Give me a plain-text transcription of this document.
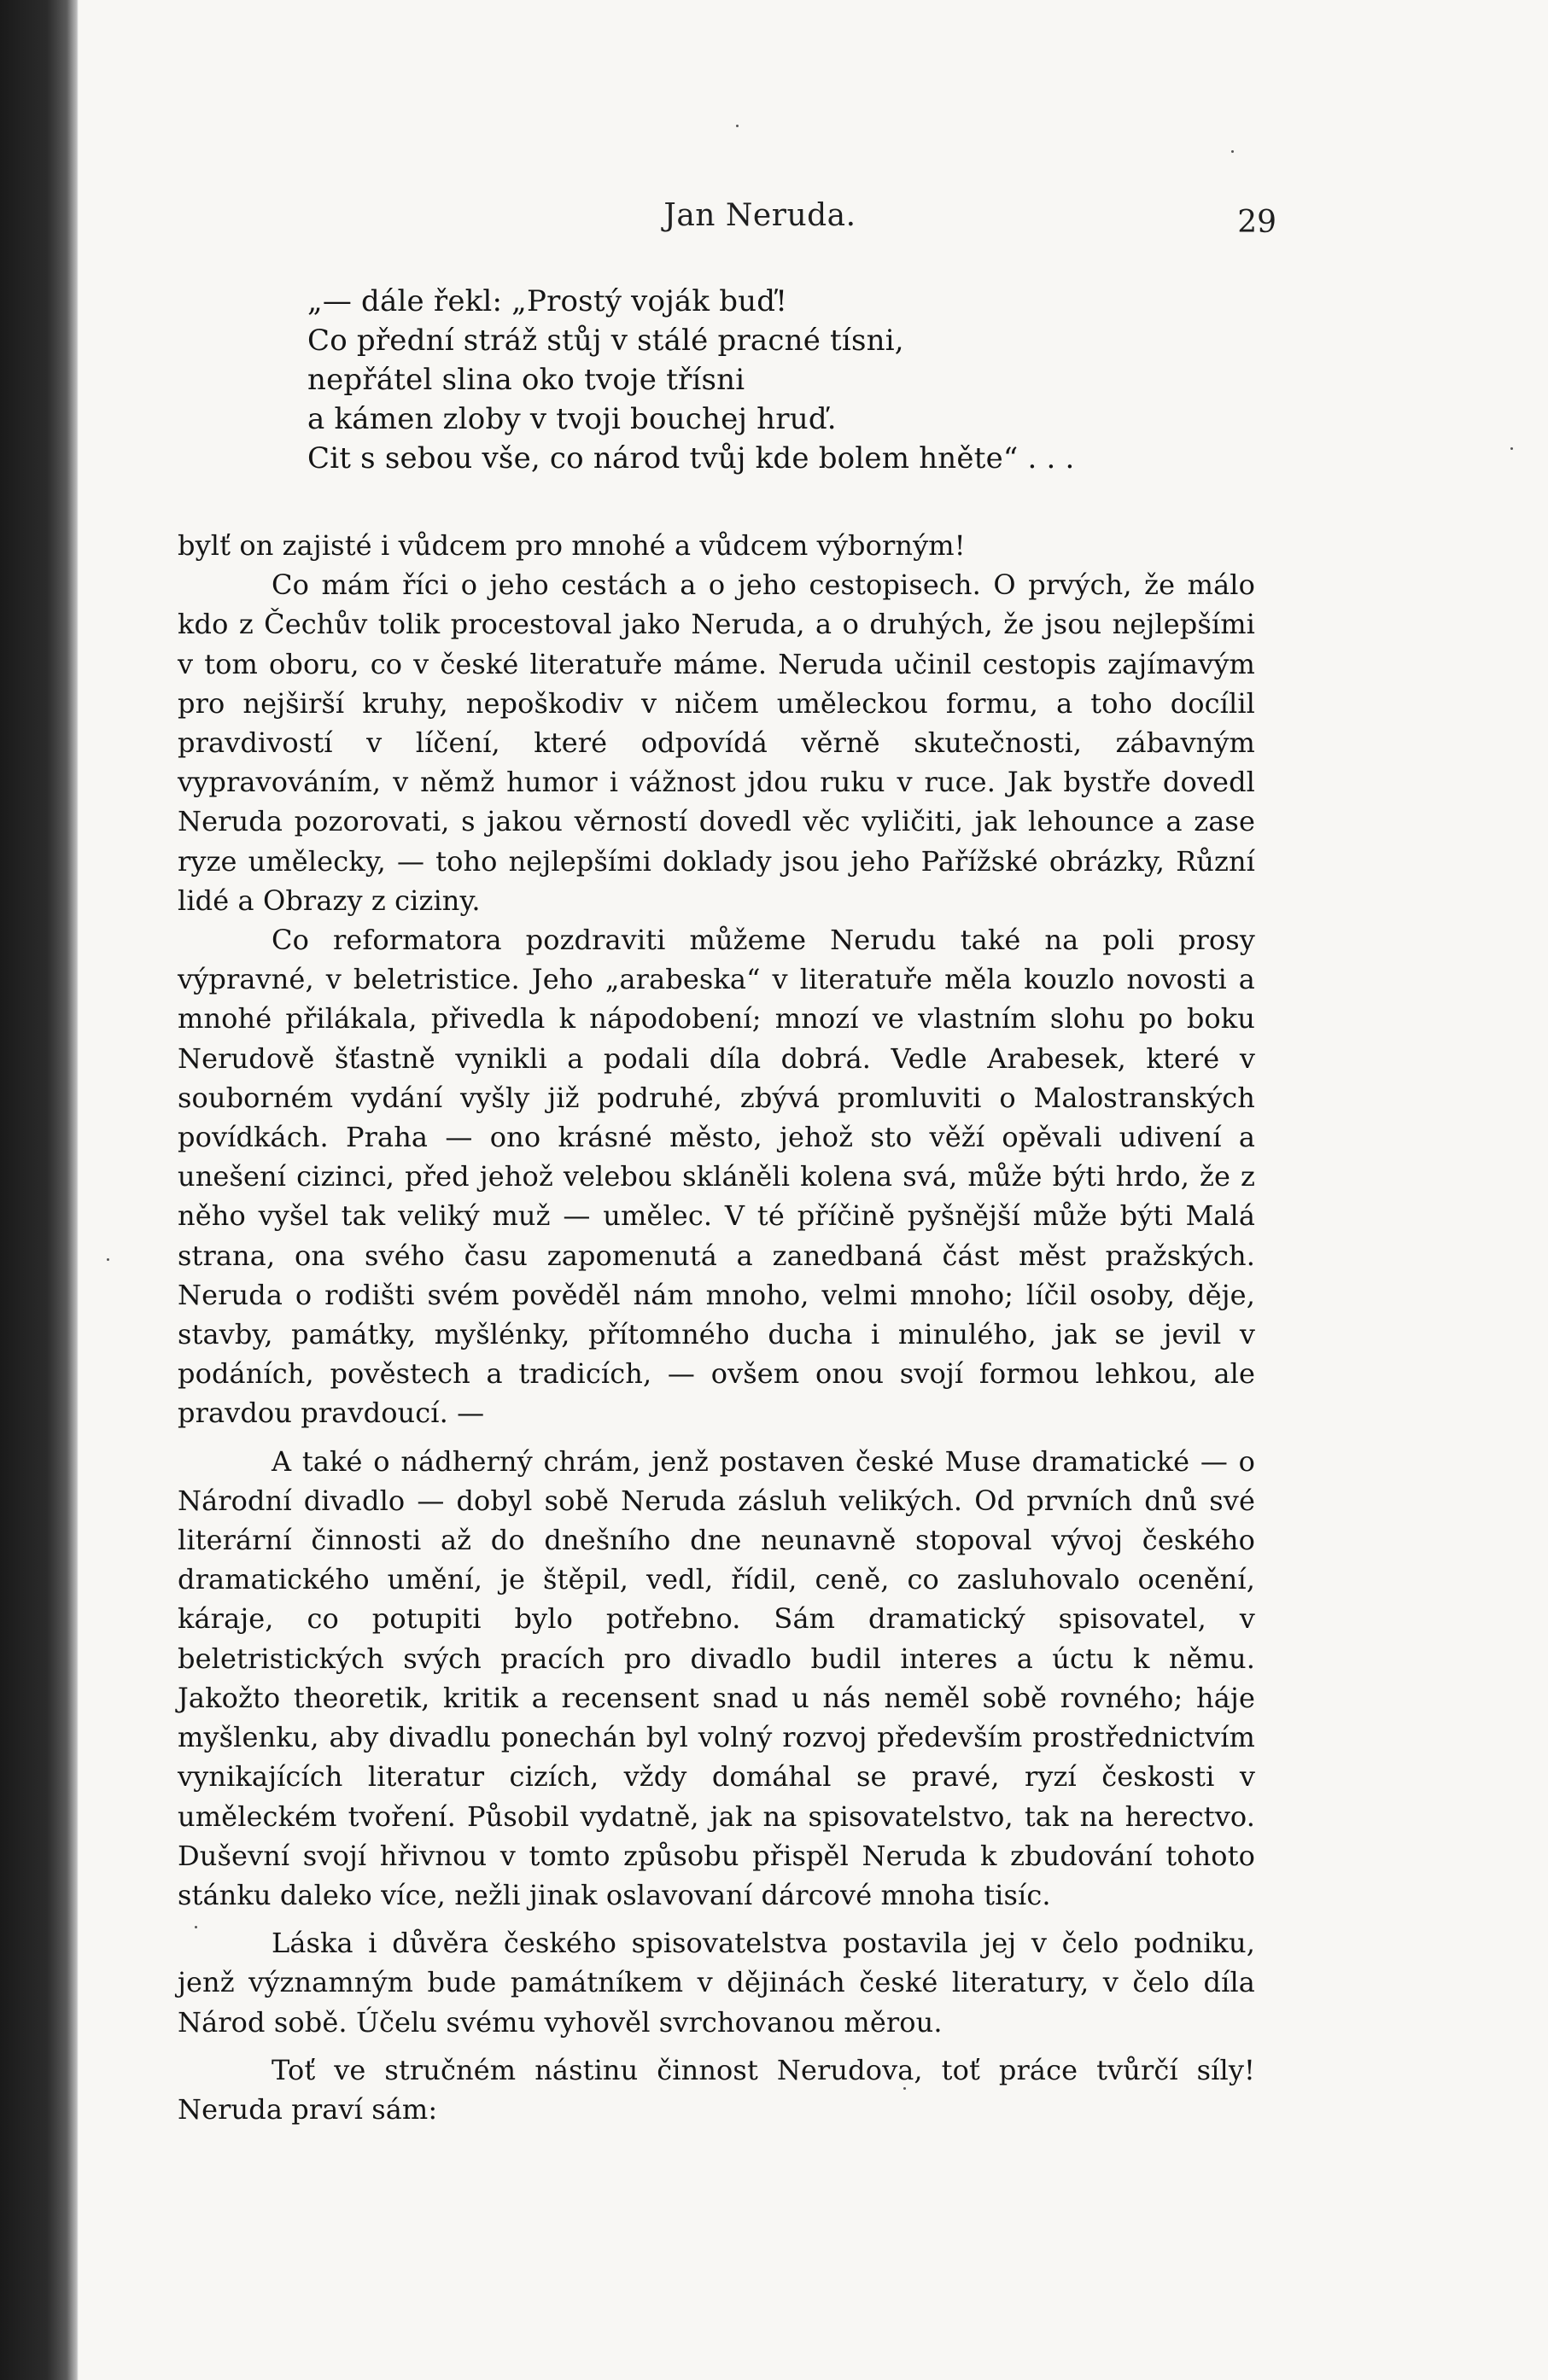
Jan Neruda.	29
„— dále řekl: „Prostý voják buď!
Co přední stráž stůj v stálé pracné tísni,
nepřátel slina oko tvoje třísni
a kámen zloby v tvoji bouchej hruď.
Cit s sebou vše, co národ tvůj kde bolem hněte“ . . .

bylť on zajisté i vůdcem pro mnohé a vůdcem výborným!

Co mám říci o jeho cestách a o jeho cestopisech. O prvých, že málo kdo z Čechův tolik procestoval jako Neruda, a o druhých, že jsou nejlepšími v tom oboru, co v české literatuře máme. Neruda učinil cestopis zajímavým pro nejširší kruhy, nepoškodiv v ničem uměleckou formu, a toho docílil pravdivostí v líčení, které odpovídá věrně skutečnosti, zábavným vypravováním, v němž humor i vážnost jdou ruku v ruce. Jak bystře dovedl Neruda pozorovati, s jakou věrností dovedl věc vyličiti, jak lehounce a zase ryze umělecky, — toho nejlepšími doklady jsou jeho Pařížské obrázky, Různí lidé a Obrazy z ciziny.

Co reformatora pozdraviti můžeme Nerudu také na poli prosy výpravné, v beletristice. Jeho „arabeska“ v literatuře měla kouzlo novosti a mnohé přilákala, přivedla k nápodobení; mnozí ve vlastním slohu po boku Nerudově šťastně vynikli a podali díla dobrá. Vedle Arabesek, které v souborném vydání vyšly již podruhé, zbývá promluviti o Malostranských povídkách. Praha — ono krásné město, jehož sto věží opěvali udivení a unešení cizinci, před jehož velebou skláněli kolena svá, může býti hrdo, že z něho vyšel tak veliký muž — umělec. V té příčině pyšnější může býti Malá strana, ona svého času zapomenutá a zanedbaná část měst pražských. Neruda o rodišti svém pověděl nám mnoho, velmi mnoho; líčil osoby, děje, stavby, památky, myšlénky, přítomného ducha i minulého, jak se jevil v podáních, pověstech a tradicích, — ovšem onou svojí formou lehkou, ale pravdou pravdoucí. —

A také o nádherný chrám, jenž postaven české Muse dramatické — o Národní divadlo — dobyl sobě Neruda zásluh velikých. Od prvních dnů své literární činnosti až do dnešního dne neunavně stopoval vývoj českého dramatického umění, je štěpil, vedl, řídil, ceně, co zasluhovalo ocenění, káraje, co potupiti bylo potřebno. Sám dramatický spisovatel, v beletristických svých pracích pro divadlo budil interes a úctu k němu. Jakožto theoretik, kritik a recensent snad u nás neměl sobě rovného; háje myšlenku, aby divadlu ponechán byl volný rozvoj především prostřednictvím vynikajících literatur cizích, vždy domáhal se pravé, ryzí českosti v uměleckém tvoření. Působil vydatně, jak na spisovatelstvo, tak na herectvo. Duševní svojí hřivnou v tomto způsobu přispěl Neruda k zbudování tohoto stánku daleko více, nežli jinak oslavovaní dárcové mnoha tisíc.

Láska i důvěra českého spisovatelstva postavila jej v čelo podniku, jenž významným bude památníkem v dějinách české literatury, v čelo díla Národ sobě. Účelu svému vyhověl svrchovanou měrou.

Toť ve stručném nástinu činnost Nerudova, toť práce tvůrčí síly! Neruda praví sám:
